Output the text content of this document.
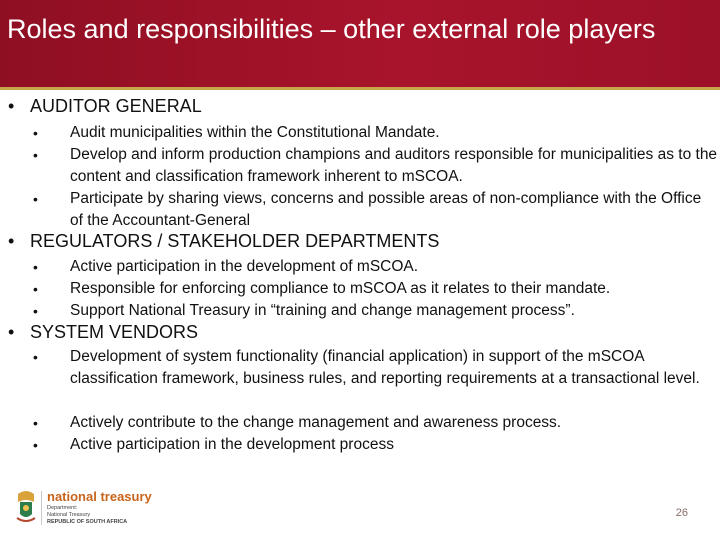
Roles and responsibilities – other external role players
• AUDITOR GENERAL
•	Audit municipalities within the Constitutional Mandate.
•	Develop and inform production champions and auditors responsible for municipalities as to the content and classification framework inherent to mSCOA.
•	Participate by sharing views, concerns and possible areas of non-compliance with the Office of the Accountant-General
• REGULATORS / STAKEHOLDER DEPARTMENTS
•	Active participation in the development of mSCOA.
•	Responsible for enforcing compliance to mSCOA as it relates to their mandate.
•	Support National Treasury in “training and change management process”.
• SYSTEM VENDORS
•	Development of system functionality (financial application) in support of the mSCOA classification framework, business rules, and reporting requirements at a transactional level.
•	Actively contribute to the change management and awareness process.
•	Active participation in the development process
national treasury
Department:
National Treasury
REPUBLIC OF SOUTH AFRICA
26
